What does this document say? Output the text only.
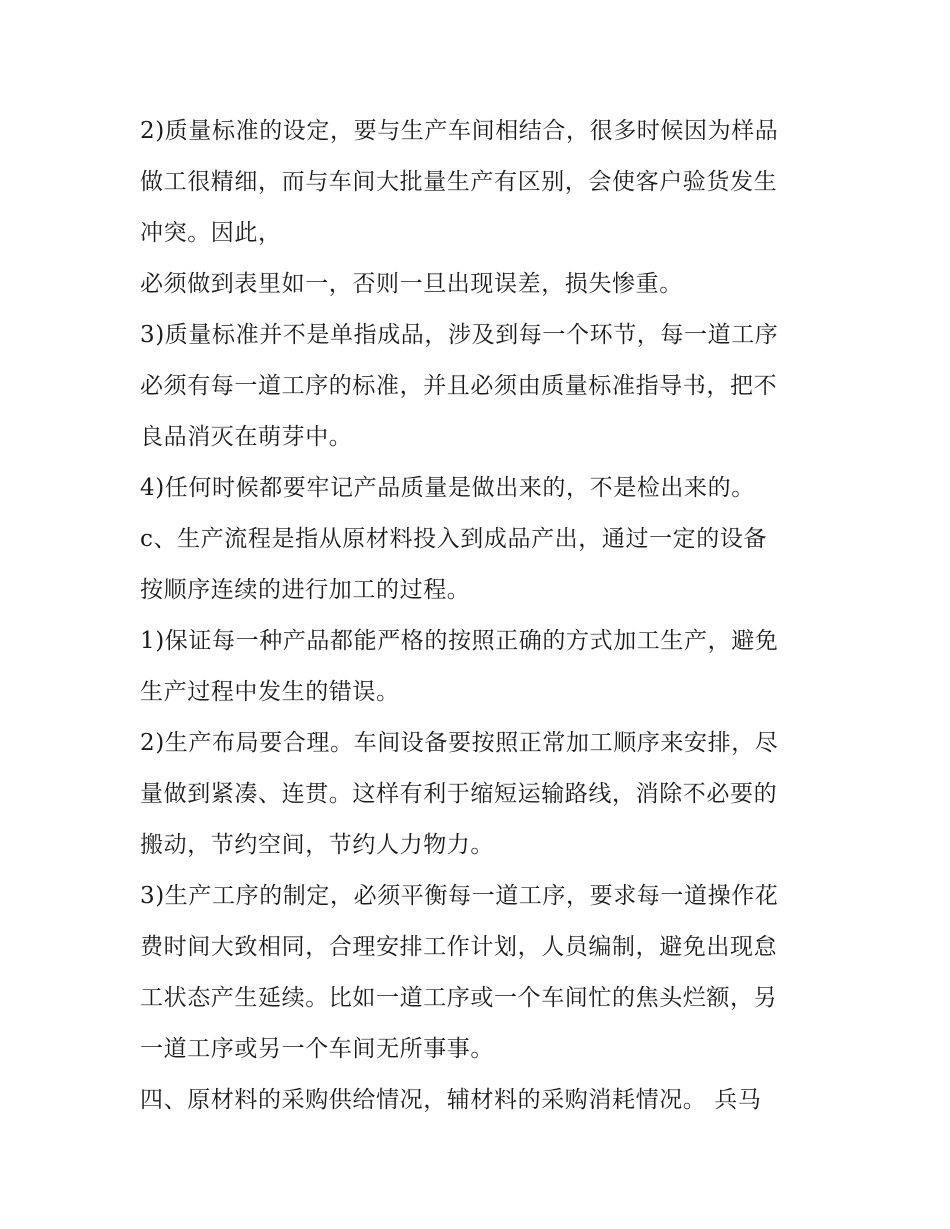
2)质量标准的设定，要与生产车间相结合，很多时候因为样品
做工很精细，而与车间大批量生产有区别，会使客户验货发生
冲突。因此，
必须做到表里如一，否则一旦出现误差，损失惨重。
3)质量标准并不是单指成品，涉及到每一个环节，每一道工序
必须有每一道工序的标准，并且必须由质量标准指导书，把不
良品消灭在萌芽中。
4)任何时候都要牢记产品质量是做出来的，不是检出来的。
c、生产流程是指从原材料投入到成品产出，通过一定的设备
按顺序连续的进行加工的过程。
1)保证每一种产品都能严格的按照正确的方式加工生产，避免
生产过程中发生的错误。
2)生产布局要合理。车间设备要按照正常加工顺序来安排，尽
量做到紧凑、连贯。这样有利于缩短运输路线，消除不必要的
搬动，节约空间，节约人力物力。
3)生产工序的制定，必须平衡每一道工序，要求每一道操作花
费时间大致相同，合理安排工作计划，人员编制，避免出现怠
工状态产生延续。比如一道工序或一个车间忙的焦头烂额，另
一道工序或另一个车间无所事事。
四、原材料的采购供给情况，辅材料的采购消耗情况。 兵马
